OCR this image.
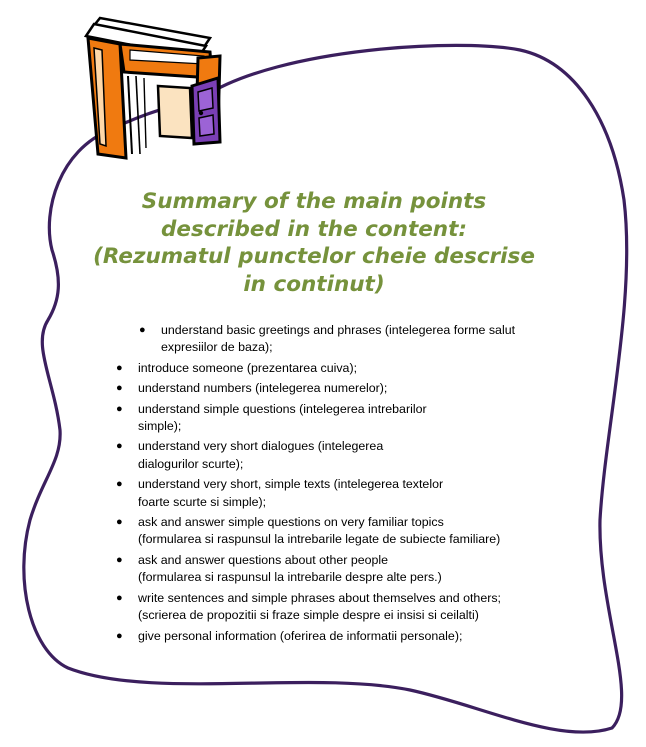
Summary of the main points
described in the content:
(Rezumatul punctelor cheie descrise
in continut)
● understand basic greetings and phrases (intelegerea forme salut
expresiilor de baza);
● introduce someone (prezentarea cuiva);
● understand numbers (intelegerea numerelor);
● understand simple questions (intelegerea intrebarilor
simple);
● understand very short dialogues (intelegerea
dialogurilor scurte);
● understand very short, simple texts (intelegerea textelor
foarte scurte si simple);
● ask and answer simple questions on very familiar topics
(formularea si raspunsul la intrebarile legate de subiecte familiare)
● ask and answer questions about other people
(formularea si raspunsul la intrebarile despre alte pers.)
● write sentences and simple phrases about themselves and others;
(scrierea de propozitii si fraze simple despre ei insisi si ceilalti)
● give personal information (oferirea de informatii personale);
